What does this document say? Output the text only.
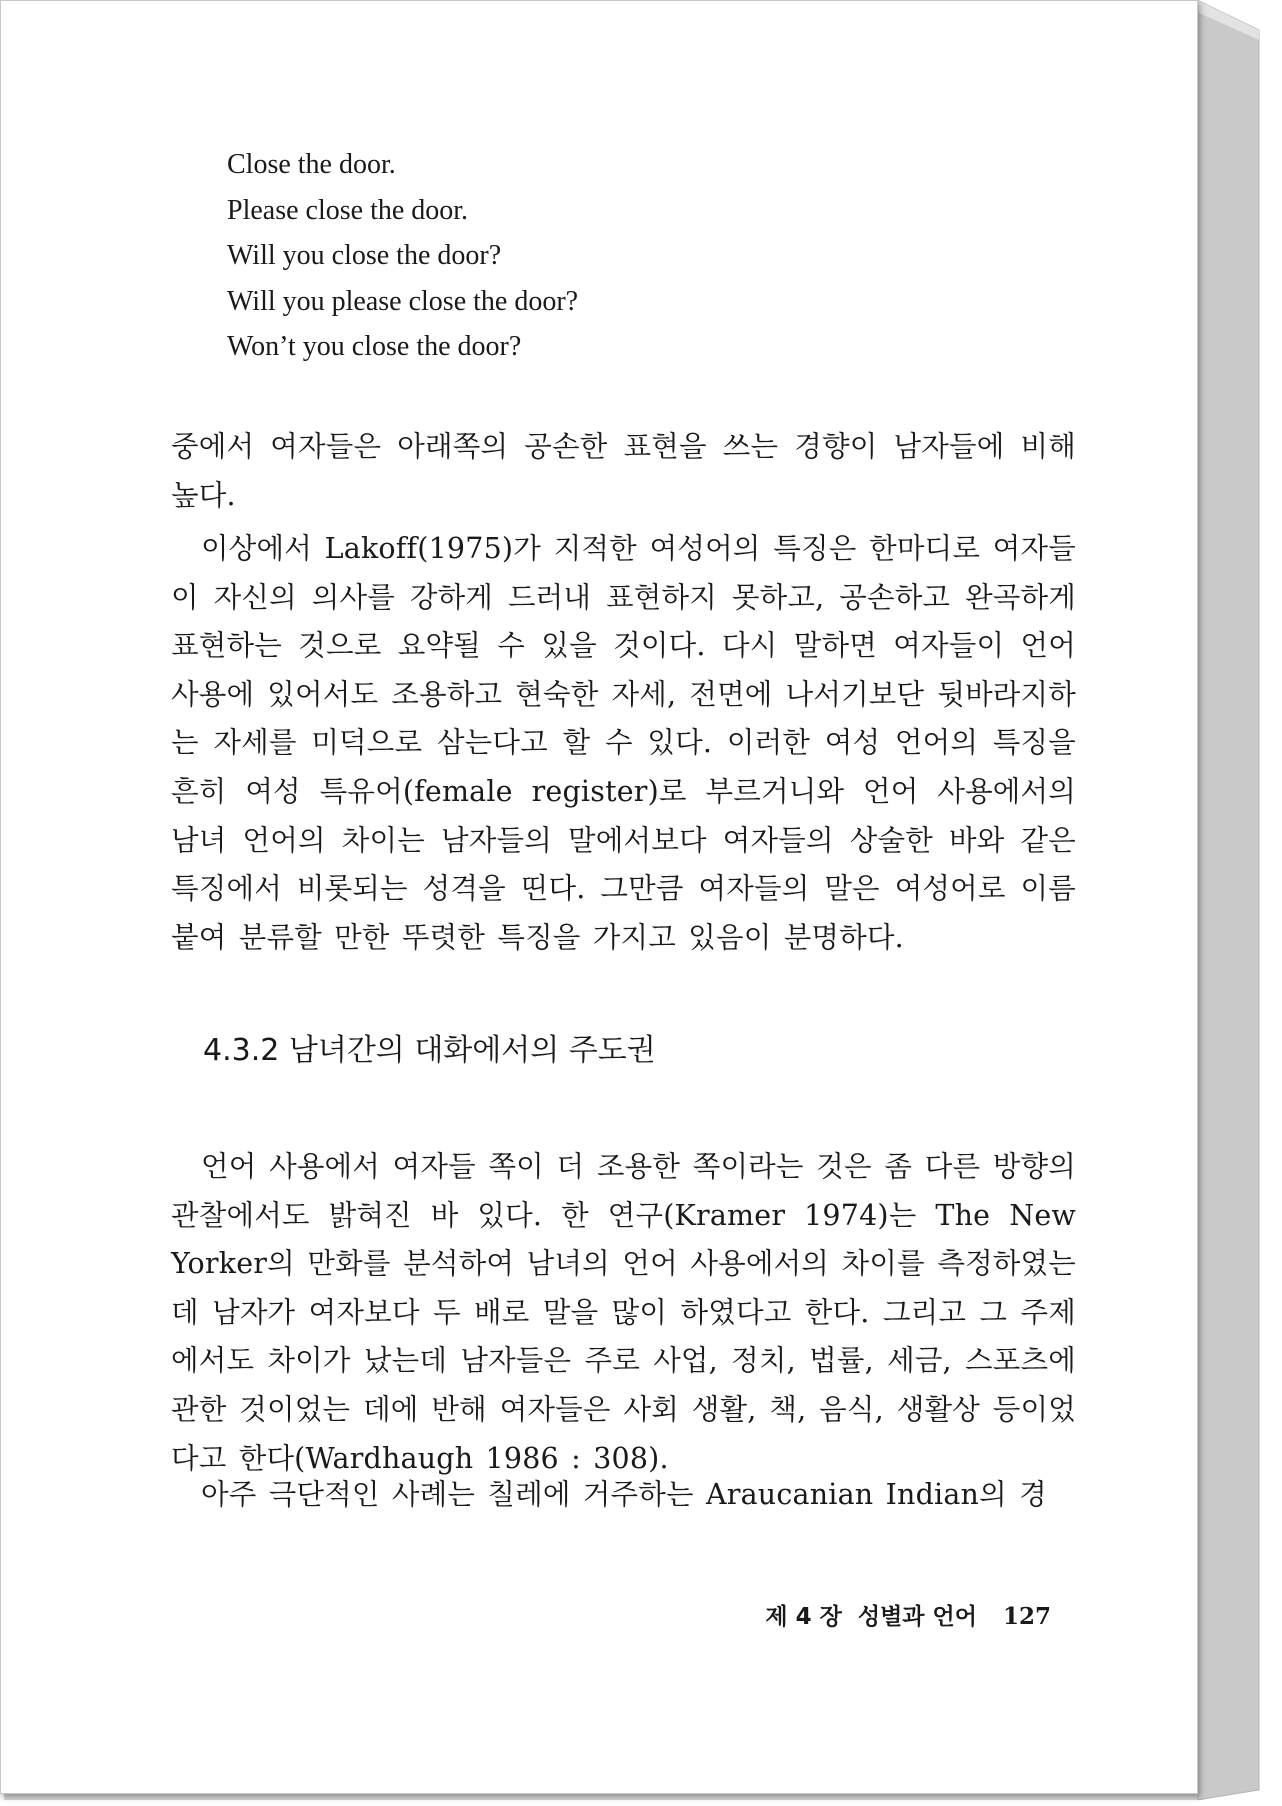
Close the door.
Please close the door.
Will you close the door?
Will you please close the door?
Won’t you close the door?

중에서 여자들은 아래쪽의 공손한 표현을 쓰는 경향이 남자들에 비해 높다.

이상에서 Lakoff(1975)가 지적한 여성어의 특징은 한마디로 여자들이 자신의 의사를 강하게 드러내 표현하지 못하고, 공손하고 완곡하게 표현하는 것으로 요약될 수 있을 것이다. 다시 말하면 여자들이 언어 사용에 있어서도 조용하고 현숙한 자세, 전면에 나서기보단 뒷바라지하는 자세를 미덕으로 삼는다고 할 수 있다. 이러한 여성 언어의 특징을 흔히 여성 특유어(female register)로 부르거니와 언어 사용에서의 남녀 언어의 차이는 남자들의 말에서보다 여자들의 상술한 바와 같은 특징에서 비롯되는 성격을 띤다. 그만큼 여자들의 말은 여성어로 이름붙여 분류할 만한 뚜렷한 특징을 가지고 있음이 분명하다.

4.3.2 남녀간의 대화에서의 주도권

언어 사용에서 여자들 쪽이 더 조용한 쪽이라는 것은 좀 다른 방향의 관찰에서도 밝혀진 바 있다. 한 연구(Kramer 1974)는 The New Yorker의 만화를 분석하여 남녀의 언어 사용에서의 차이를 측정하였는데 남자가 여자보다 두 배로 말을 많이 하였다고 한다. 그리고 그 주제에서도 차이가 났는데 남자들은 주로 사업, 정치, 법률, 세금, 스포츠에 관한 것이었는 데에 반해 여자들은 사회 생활, 책, 음식, 생활상 등이었다고 한다(Wardhaugh 1986 : 308).

아주 극단적인 사례는 칠레에 거주하는 Araucanian Indian의 경

제 4 장 성별과 언어 127
